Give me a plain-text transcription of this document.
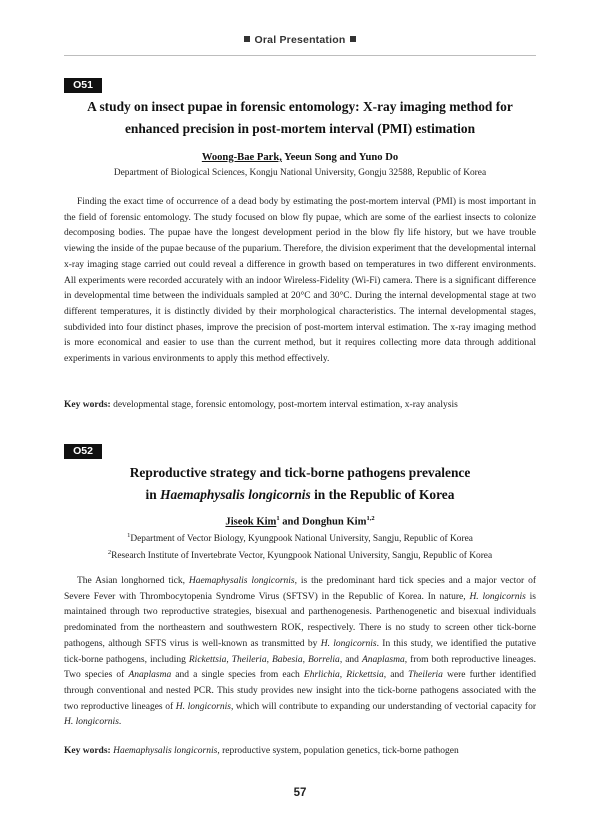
Oral Presentation
O51
A study on insect pupae in forensic entomology: X-ray imaging method for
enhanced precision in post-mortem interval (PMI) estimation
Woong-Bae Park, Yeeun Song and Yuno Do
Department of Biological Sciences, Kongju National University, Gongju 32588, Republic of Korea
Finding the exact time of occurrence of a dead body by estimating the post-mortem interval (PMI) is most important in the field of forensic entomology. The study focused on blow fly pupae, which are some of the earliest insects to colonize decomposing bodies. The pupae have the longest development period in the blow fly life history, but we have trouble viewing the inside of the pupae because of the puparium. Therefore, the division experiment that the developmental internal x-ray imaging stage carried out could reveal a difference in growth based on temperatures in two different environments. All experiments were recorded accurately with an indoor Wireless-Fidelity (Wi-Fi) camera. There is a significant difference in developmental time between the individuals sampled at 20°C and 30°C. During the internal developmental stage at two different temperatures, it is distinctly divided by their morphological characteristics. The internal developmental stages, subdivided into four distinct phases, improve the precision of post-mortem interval estimation. The x-ray imaging method is more economical and easier to use than the current method, but it requires collecting more data through additional experiments in various environments to apply this method effectively.
Key words: developmental stage, forensic entomology, post-mortem interval estimation, x-ray analysis
O52
Reproductive strategy and tick-borne pathogens prevalence
in Haemaphysalis longicornis in the Republic of Korea
Jiseok Kim$^1$ and Donghun Kim$^{1,2}$
$^1$Department of Vector Biology, Kyungpook National University, Sangju, Republic of Korea
$^2$Research Institute of Invertebrate Vector, Kyungpook National University, Sangju, Republic of Korea
The Asian longhorned tick, Haemaphysalis longicornis, is the predominant hard tick species and a major vector of Severe Fever with Thrombocytopenia Syndrome Virus (SFTSV) in the Republic of Korea. In nature, H. longicornis is maintained through two reproductive strategies, bisexual and parthenogenesis. Parthenogenetic and bisexual individuals predominated from the northeastern and southwestern ROK, respectively. There is no study to screen other tick-borne pathogens, although SFTS virus is well-known as transmitted by H. longicornis. In this study, we identified the putative tick-borne pathogens, including Rickettsia, Theileria, Babesia, Borrelia, and Anaplasma, from both reproductive lineages. Two species of Anaplasma and a single species from each Ehrlichia, Rickettsia, and Theileria were further identified through conventional and nested PCR. This study provides new insight into the tick-borne pathogens associated with the two reproductive lineages of H. longicornis, which will contribute to expanding our understanding of vectorial capacity for H. longicornis.
Key words: Haemaphysalis longicornis, reproductive system, population genetics, tick-borne pathogen
57
